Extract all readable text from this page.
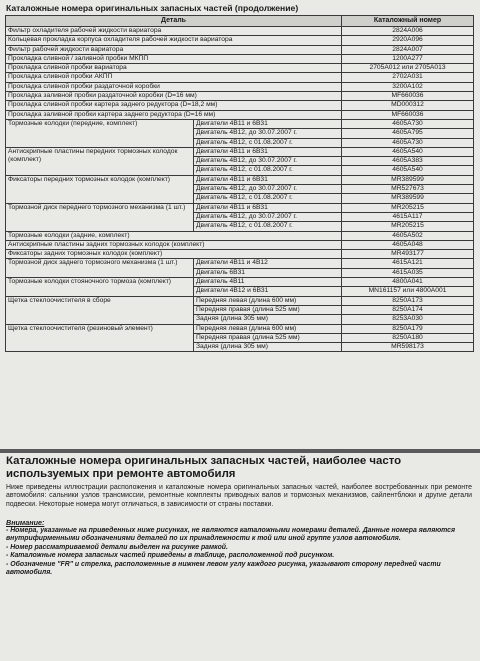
Каталожные номера оригинальных запасных частей (продолжение)
Деталь		Каталожный номер
Фильтр охладителя рабочей жидкости вариатора		2824A006
Кольцевая прокладка корпуса охладителя рабочей жидкости вариатора		2920A096
Фильтр рабочей жидкости вариатора		2824A007
Прокладка сливной / заливной пробки МКПП		1200A277
Прокладка сливной пробки вариатора		2705A012 или 2705A013
Прокладка сливной пробки АКПП		2702A031
Прокладка сливной пробки раздаточной коробки		3200A102
Прокладка заливной пробки раздаточной коробки (D=16 мм)		MF660036
Прокладка сливной пробки картера заднего редуктора (D=18,2 мм)		MD000312
Прокладка заливной пробки картера заднего редуктора (D=16 мм)		MF660036
Тормозные колодки (передние, комплект)	Двигатели 4B11 и 6B31	4605A730
	Двигатель 4B12, до 30.07.2007 г.	4605A795
	Двигатель 4B12, с 01.08.2007 г.	4605A730
Антискрипные пластины передних тормозных колодок (комплект)	Двигатели 4B11 и 6B31	4605A540
	Двигатель 4B12, до 30.07.2007 г.	4605A383
	Двигатель 4B12, с 01.08.2007 г.	4605A540
Фиксаторы передних тормозных колодок (комплект)	Двигатели 4B11 и 6B31	MR389599
	Двигатель 4B12, до 30.07.2007 г.	MR527673
	Двигатель 4B12, с 01.08.2007 г.	MR389599
Тормозной диск переднего тормозного механизма (1 шт.)	Двигатели 4B11 и 6B31	MR205215
	Двигатель 4B12, до 30.07.2007 г.	4615A117
	Двигатель 4B12, с 01.08.2007 г.	MR205215
Тормозные колодки (задние, комплект)		4605A502
Антискрипные пластины задних тормозных колодок (комплект)		4605A048
Фиксаторы задних тормозных колодок (комплект)		MR493177
Тормозной диск заднего тормозного механизма (1 шт.)	Двигатели 4B11 и 4B12	4615A121
	Двигатель 6B31	4615A035
Тормозные колодки стояночного тормоза (комплект)	Двигатель 4B11	4800A041
	Двигатели 4B12 и 6B31	MN161157 или 4800A001
Щетка стеклоочистителя в сборе	Передняя левая (длина 600 мм)	8250A173
	Передняя правая (длина 525 мм)	8250A174
	Задняя (длина 305 мм)	8253A030
Щетка стеклоочистителя (резиновый элемент)	Передняя левая (длина 600 мм)	8250A179
	Передняя правая (длина 525 мм)	8250A180
	Задняя (длина 305 мм)	MR598173
Каталожные номера оригинальных запасных частей, наиболее часто используемых при ремонте автомобиля
Ниже приведены иллюстрации расположения и каталожные номера оригинальных запасных частей, наиболее востребованных при ремонте автомобиля: сальники узлов трансмиссии, ремонтные комплекты приводных валов и тормозных механизмов, сайлентблоки и другие детали подвески. Некоторые номера могут отличаться, в зависимости от страны поставки.
Внимание:

- Номера, указанные на приведенных ниже рисунках, не являются каталожными номерами деталей. Данные номера являются внутрифирменными обозначениями деталей по их принадлежности к той или иной группе узлов автомобиля.

- Номер рассматриваемой детали выделен на рисунке рамкой.

- Каталожные номера запасных частей приведены в таблице, расположенной под рисунком.

- Обозначение "FR" и стрелка, расположенные в нижнем левом углу каждого рисунка, указывают сторону передней части автомобиля.
